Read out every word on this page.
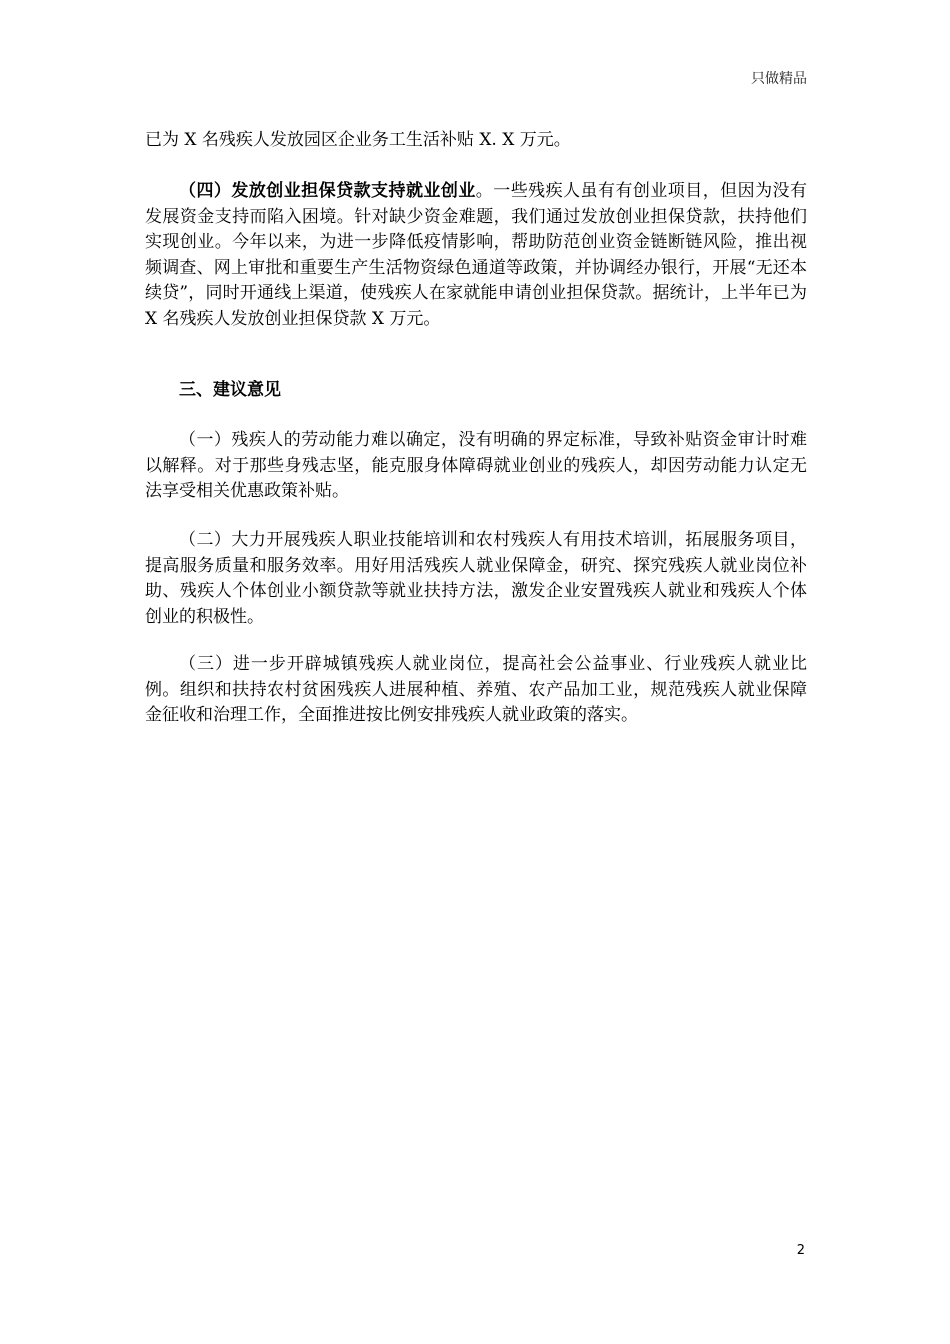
只做精品

已为 X 名残疾人发放园区企业务工生活补贴 X. X 万元。

（四）发放创业担保贷款支持就业创业。一些残疾人虽有有创业项目，但因为没有发展资金支持而陷入困境。针对缺少资金难题，我们通过发放创业担保贷款，扶持他们实现创业。今年以来，为进一步降低疫情影响，帮助防范创业资金链断链风险，推出视频调查、网上审批和重要生产生活物资绿色通道等政策，并协调经办银行，开展“无还本续贷”，同时开通线上渠道，使残疾人在家就能申请创业担保贷款。据统计，上半年已为 X 名残疾人发放创业担保贷款 X 万元。

三、建议意见

（一）残疾人的劳动能力难以确定，没有明确的界定标准，导致补贴资金审计时难以解释。对于那些身残志坚，能克服身体障碍就业创业的残疾人，却因劳动能力认定无法享受相关优惠政策补贴。

（二）大力开展残疾人职业技能培训和农村残疾人有用技术培训，拓展服务项目，提高服务质量和服务效率。用好用活残疾人就业保障金，研究、探究残疾人就业岗位补助、残疾人个体创业小额贷款等就业扶持方法，激发企业安置残疾人就业和残疾人个体创业的积极性。

（三）进一步开辟城镇残疾人就业岗位，提高社会公益事业、行业残疾人就业比例。组织和扶持农村贫困残疾人进展种植、养殖、农产品加工业，规范残疾人就业保障金征收和治理工作，全面推进按比例安排残疾人就业政策的落实。

2
